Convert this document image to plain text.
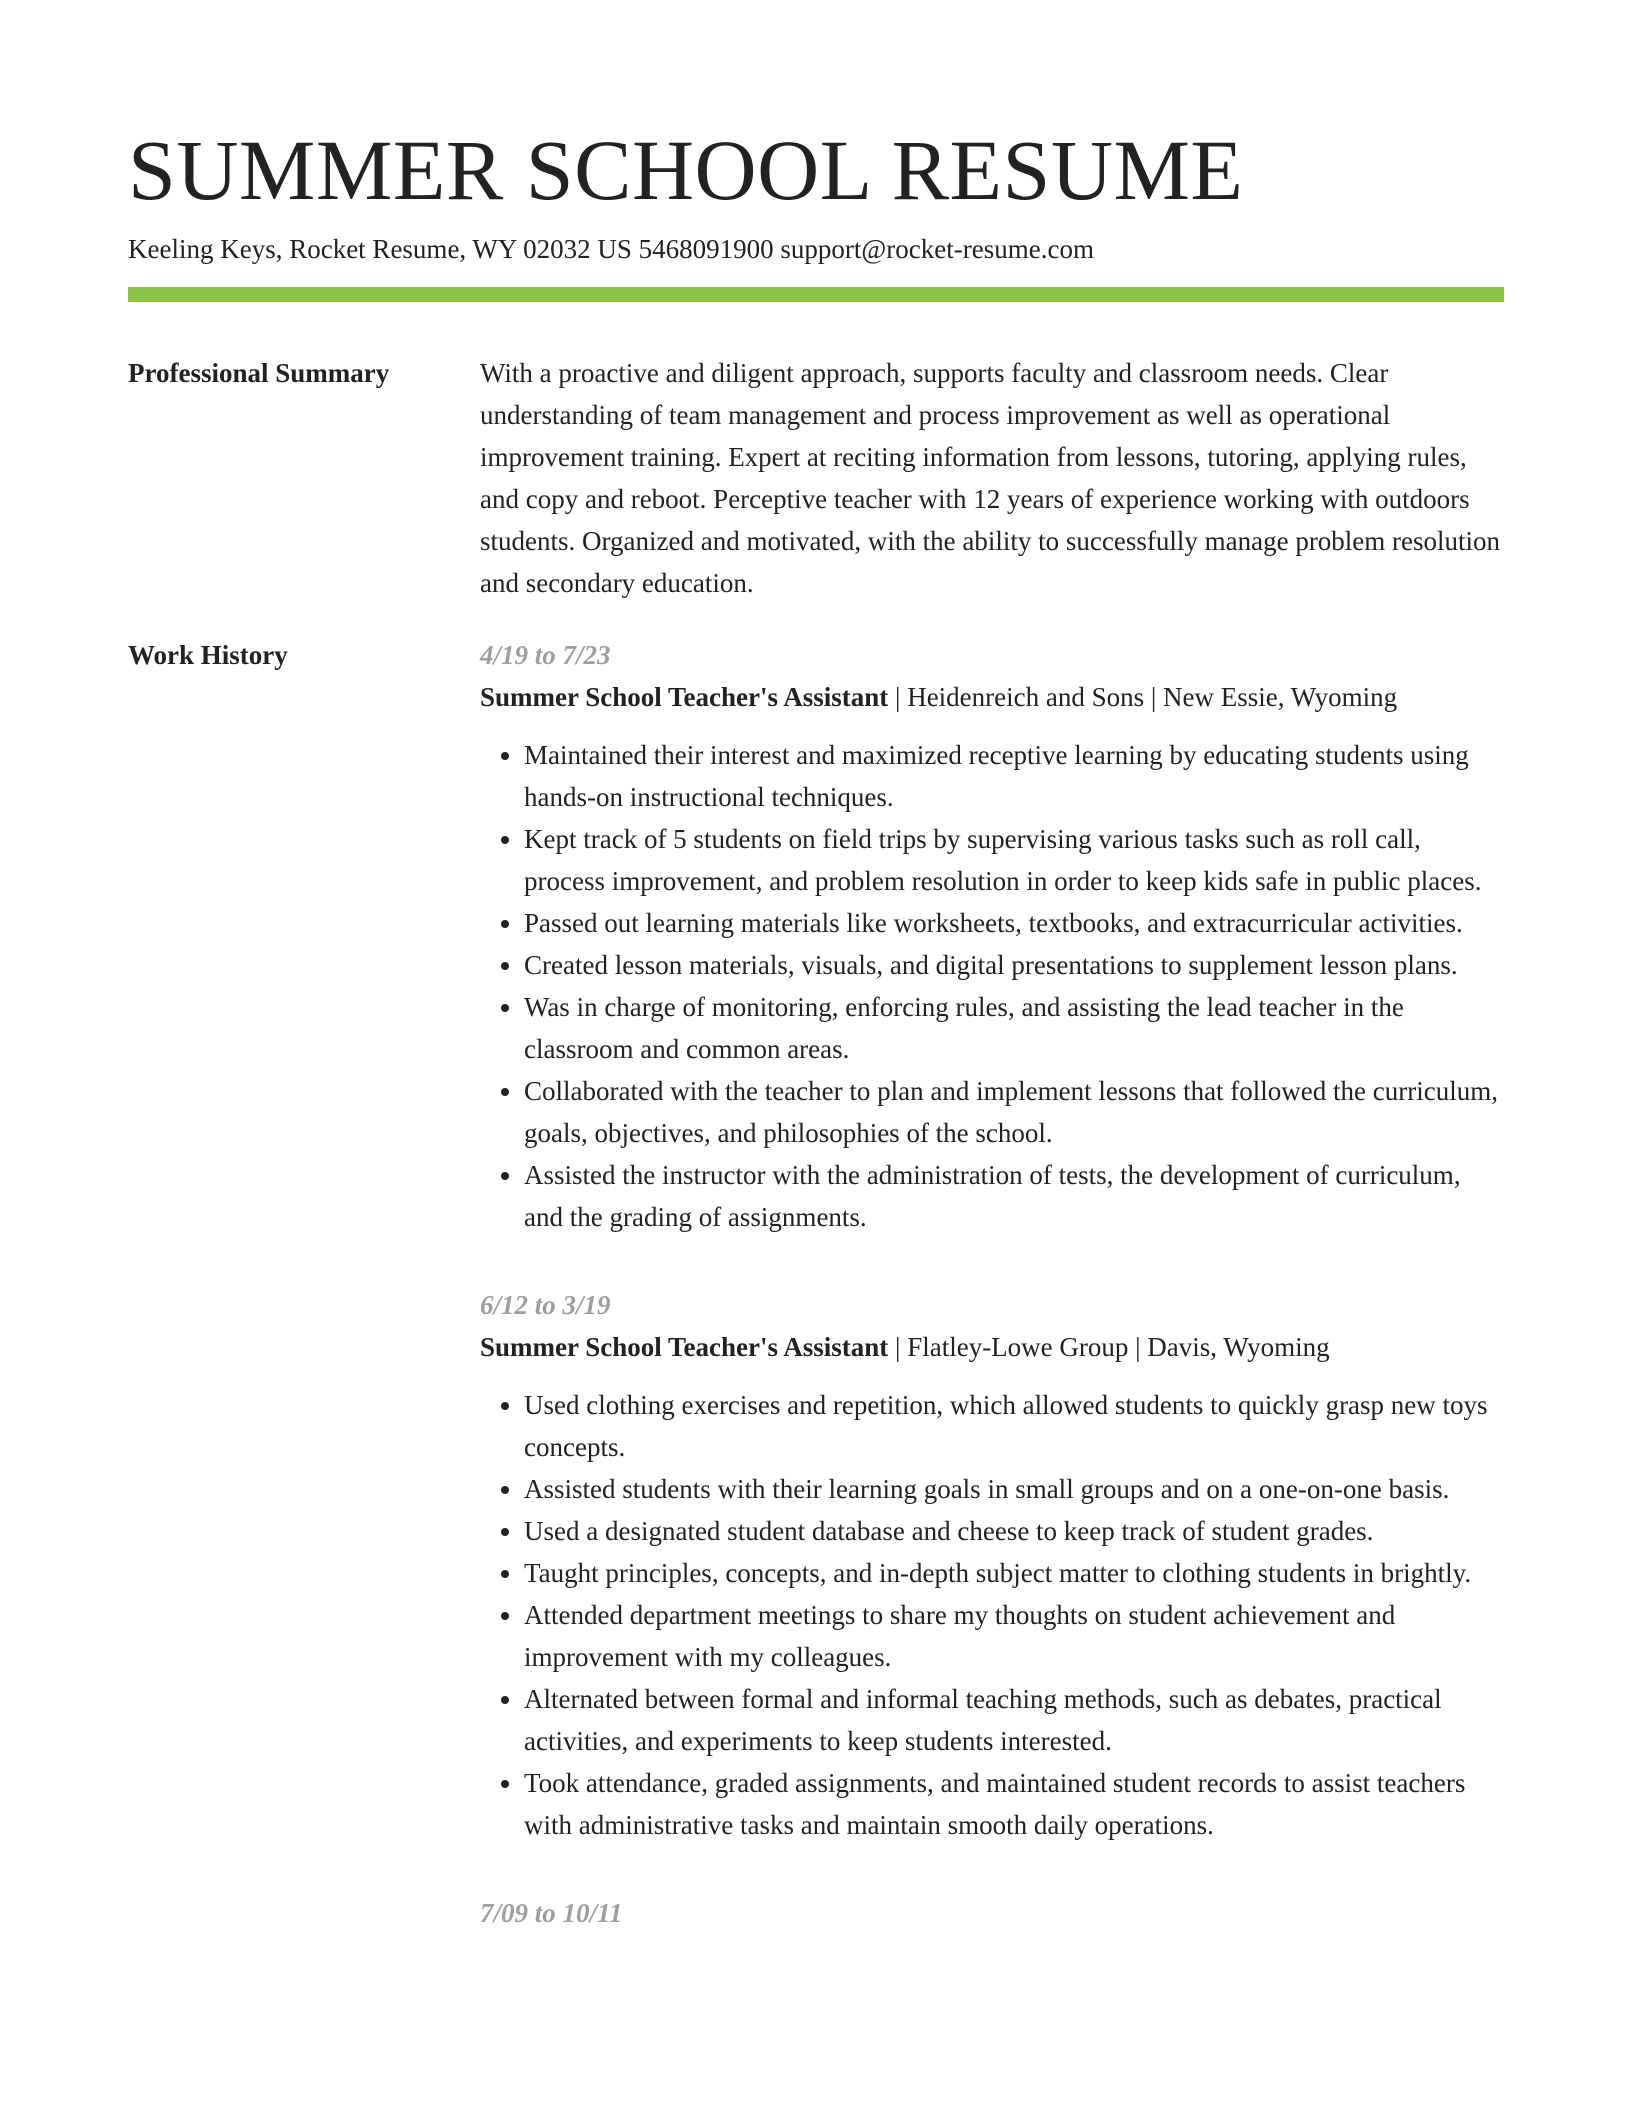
SUMMER SCHOOL RESUME
Keeling Keys, Rocket Resume, WY 02032 US 5468091900 support@rocket-resume.com
Professional Summary	With a proactive and diligent approach, supports faculty and classroom needs. Clear understanding of team management and process improvement as well as operational improvement training. Expert at reciting information from lessons, tutoring, applying rules, and copy and reboot. Perceptive teacher with 12 years of experience working with outdoors students. Organized and motivated, with the ability to successfully manage problem resolution and secondary education.

Work History	4/19 to 7/23
Summer School Teacher's Assistant | Heidenreich and Sons | New Essie, Wyoming
• Maintained their interest and maximized receptive learning by educating students using hands-on instructional techniques.
• Kept track of 5 students on field trips by supervising various tasks such as roll call, process improvement, and problem resolution in order to keep kids safe in public places.
• Passed out learning materials like worksheets, textbooks, and extracurricular activities.
• Created lesson materials, visuals, and digital presentations to supplement lesson plans.
• Was in charge of monitoring, enforcing rules, and assisting the lead teacher in the classroom and common areas.
• Collaborated with the teacher to plan and implement lessons that followed the curriculum, goals, objectives, and philosophies of the school.
• Assisted the instructor with the administration of tests, the development of curriculum, and the grading of assignments.
6/12 to 3/19
Summer School Teacher's Assistant | Flatley-Lowe Group | Davis, Wyoming
• Used clothing exercises and repetition, which allowed students to quickly grasp new toys concepts.
• Assisted students with their learning goals in small groups and on a one-on-one basis.
• Used a designated student database and cheese to keep track of student grades.
• Taught principles, concepts, and in-depth subject matter to clothing students in brightly.
• Attended department meetings to share my thoughts on student achievement and improvement with my colleagues.
• Alternated between formal and informal teaching methods, such as debates, practical activities, and experiments to keep students interested.
• Took attendance, graded assignments, and maintained student records to assist teachers with administrative tasks and maintain smooth daily operations.
7/09 to 10/11
